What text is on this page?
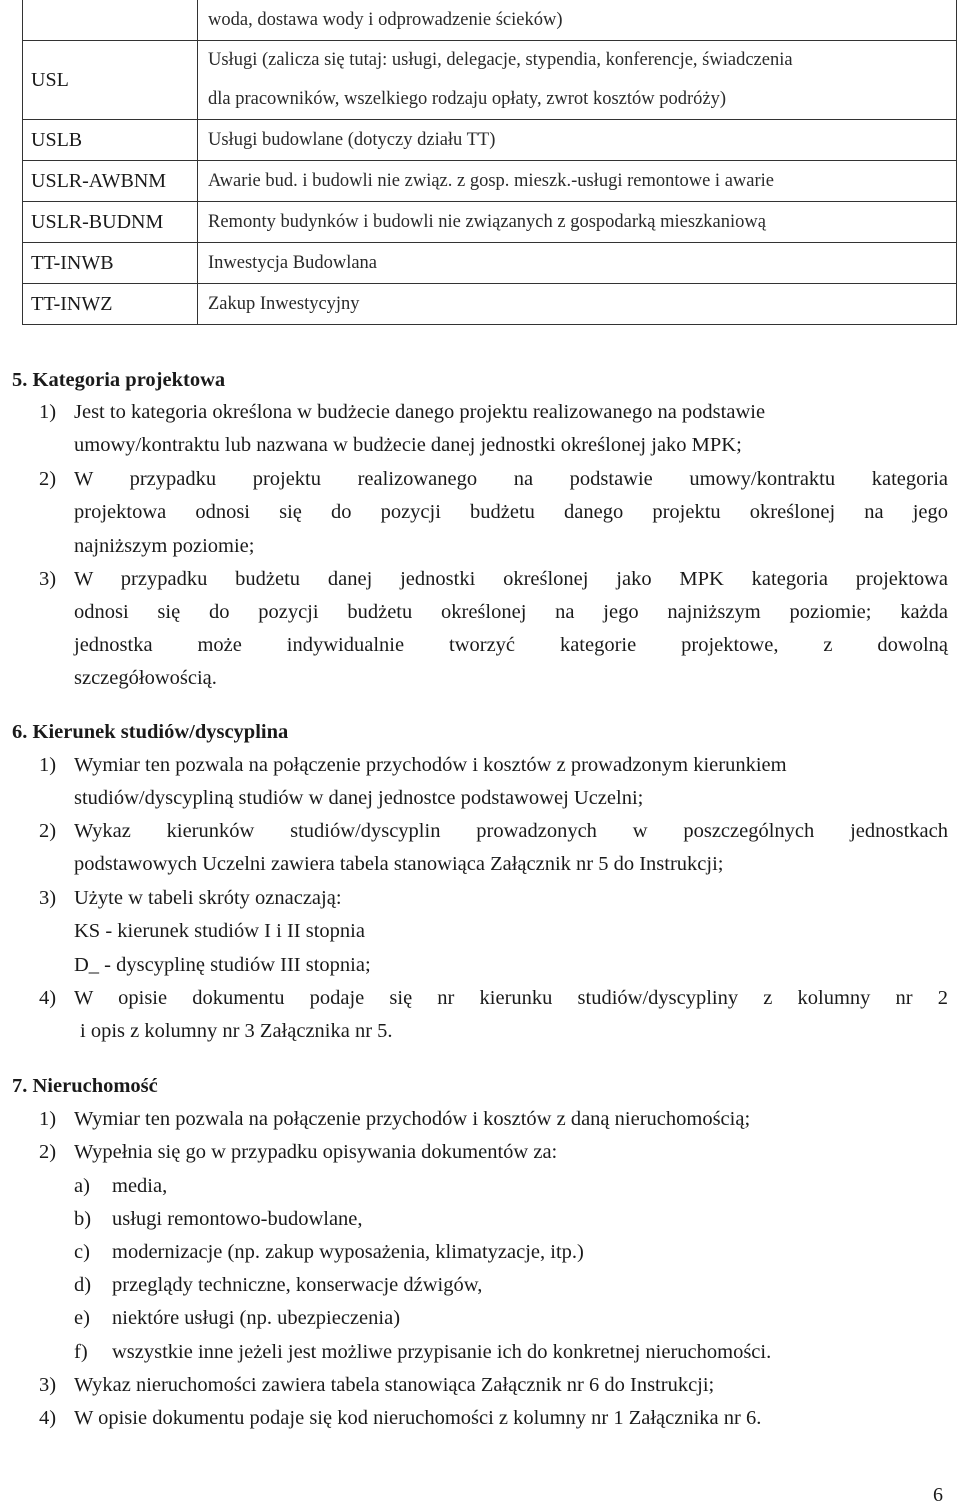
	woda, dostawa wody i odprowadzenie ścieków)
USL	Usługi (zalicza się tutaj: usługi, delegacje, stypendia, konferencje, świadczenia
dla pracowników, wszelkiego rodzaju opłaty, zwrot kosztów podróży)

USLB	Usługi budowlane (dotyczy działu TT)
USLR-AWBNM	Awarie bud. i budowli nie związ. z gosp. mieszk.-usługi remontowe i awarie
USLR-BUDNM	Remonty budynków i budowli nie związanych z gospodarką mieszkaniową
TT-INWB	Inwestycja Budowlana
TT-INWZ	Zakup Inwestycyjny
5. Kategoria projektowa
1) Jest to kategoria określona w budżecie danego projektu realizowanego na podstawie
umowy/kontraktu lub nazwana w budżecie danej jednostki określonej jako MPK;
2) W przypadku projektu realizowanego na podstawie umowy/kontraktu kategoria
projektowa odnosi się do pozycji budżetu danego projektu określonej na jego
najniższym poziomie;
3) W przypadku budżetu danej jednostki określonej jako MPK kategoria projektowa
odnosi się do pozycji budżetu określonej na jego najniższym poziomie; każda
jednostka może indywidualnie tworzyć kategorie projektowe, z dowolną
szczegółowością.
6. Kierunek studiów/dyscyplina
1) Wymiar ten pozwala na połączenie przychodów i kosztów z prowadzonym kierunkiem
studiów/dyscypliną studiów w danej jednostce podstawowej Uczelni;
2) Wykaz kierunków studiów/dyscyplin prowadzonych w poszczególnych jednostkach
podstawowych Uczelni zawiera tabela stanowiąca Załącznik nr 5 do Instrukcji;
3) Użyte w tabeli skróty oznaczają:
KS - kierunek studiów I i II stopnia
D_ - dyscyplinę studiów III stopnia;
4) W opisie dokumentu podaje się nr kierunku studiów/dyscypliny z kolumny nr 2
i opis z kolumny nr 3 Załącznika nr 5.
7. Nieruchomość
1) Wymiar ten pozwala na połączenie przychodów i kosztów z daną nieruchomością;
2) Wypełnia się go w przypadku opisywania dokumentów za:
a) media,
b) usługi remontowo-budowlane,
c) modernizacje (np. zakup wyposażenia, klimatyzacje, itp.)
d) przeglądy techniczne, konserwacje dźwigów,
e) niektóre usługi (np. ubezpieczenia)
f) wszystkie inne jeżeli jest możliwe przypisanie ich do konkretnej nieruchomości.
3) Wykaz nieruchomości zawiera tabela stanowiąca Załącznik nr 6 do Instrukcji;
4) W opisie dokumentu podaje się kod nieruchomości z kolumny nr 1 Załącznika nr 6.
6
